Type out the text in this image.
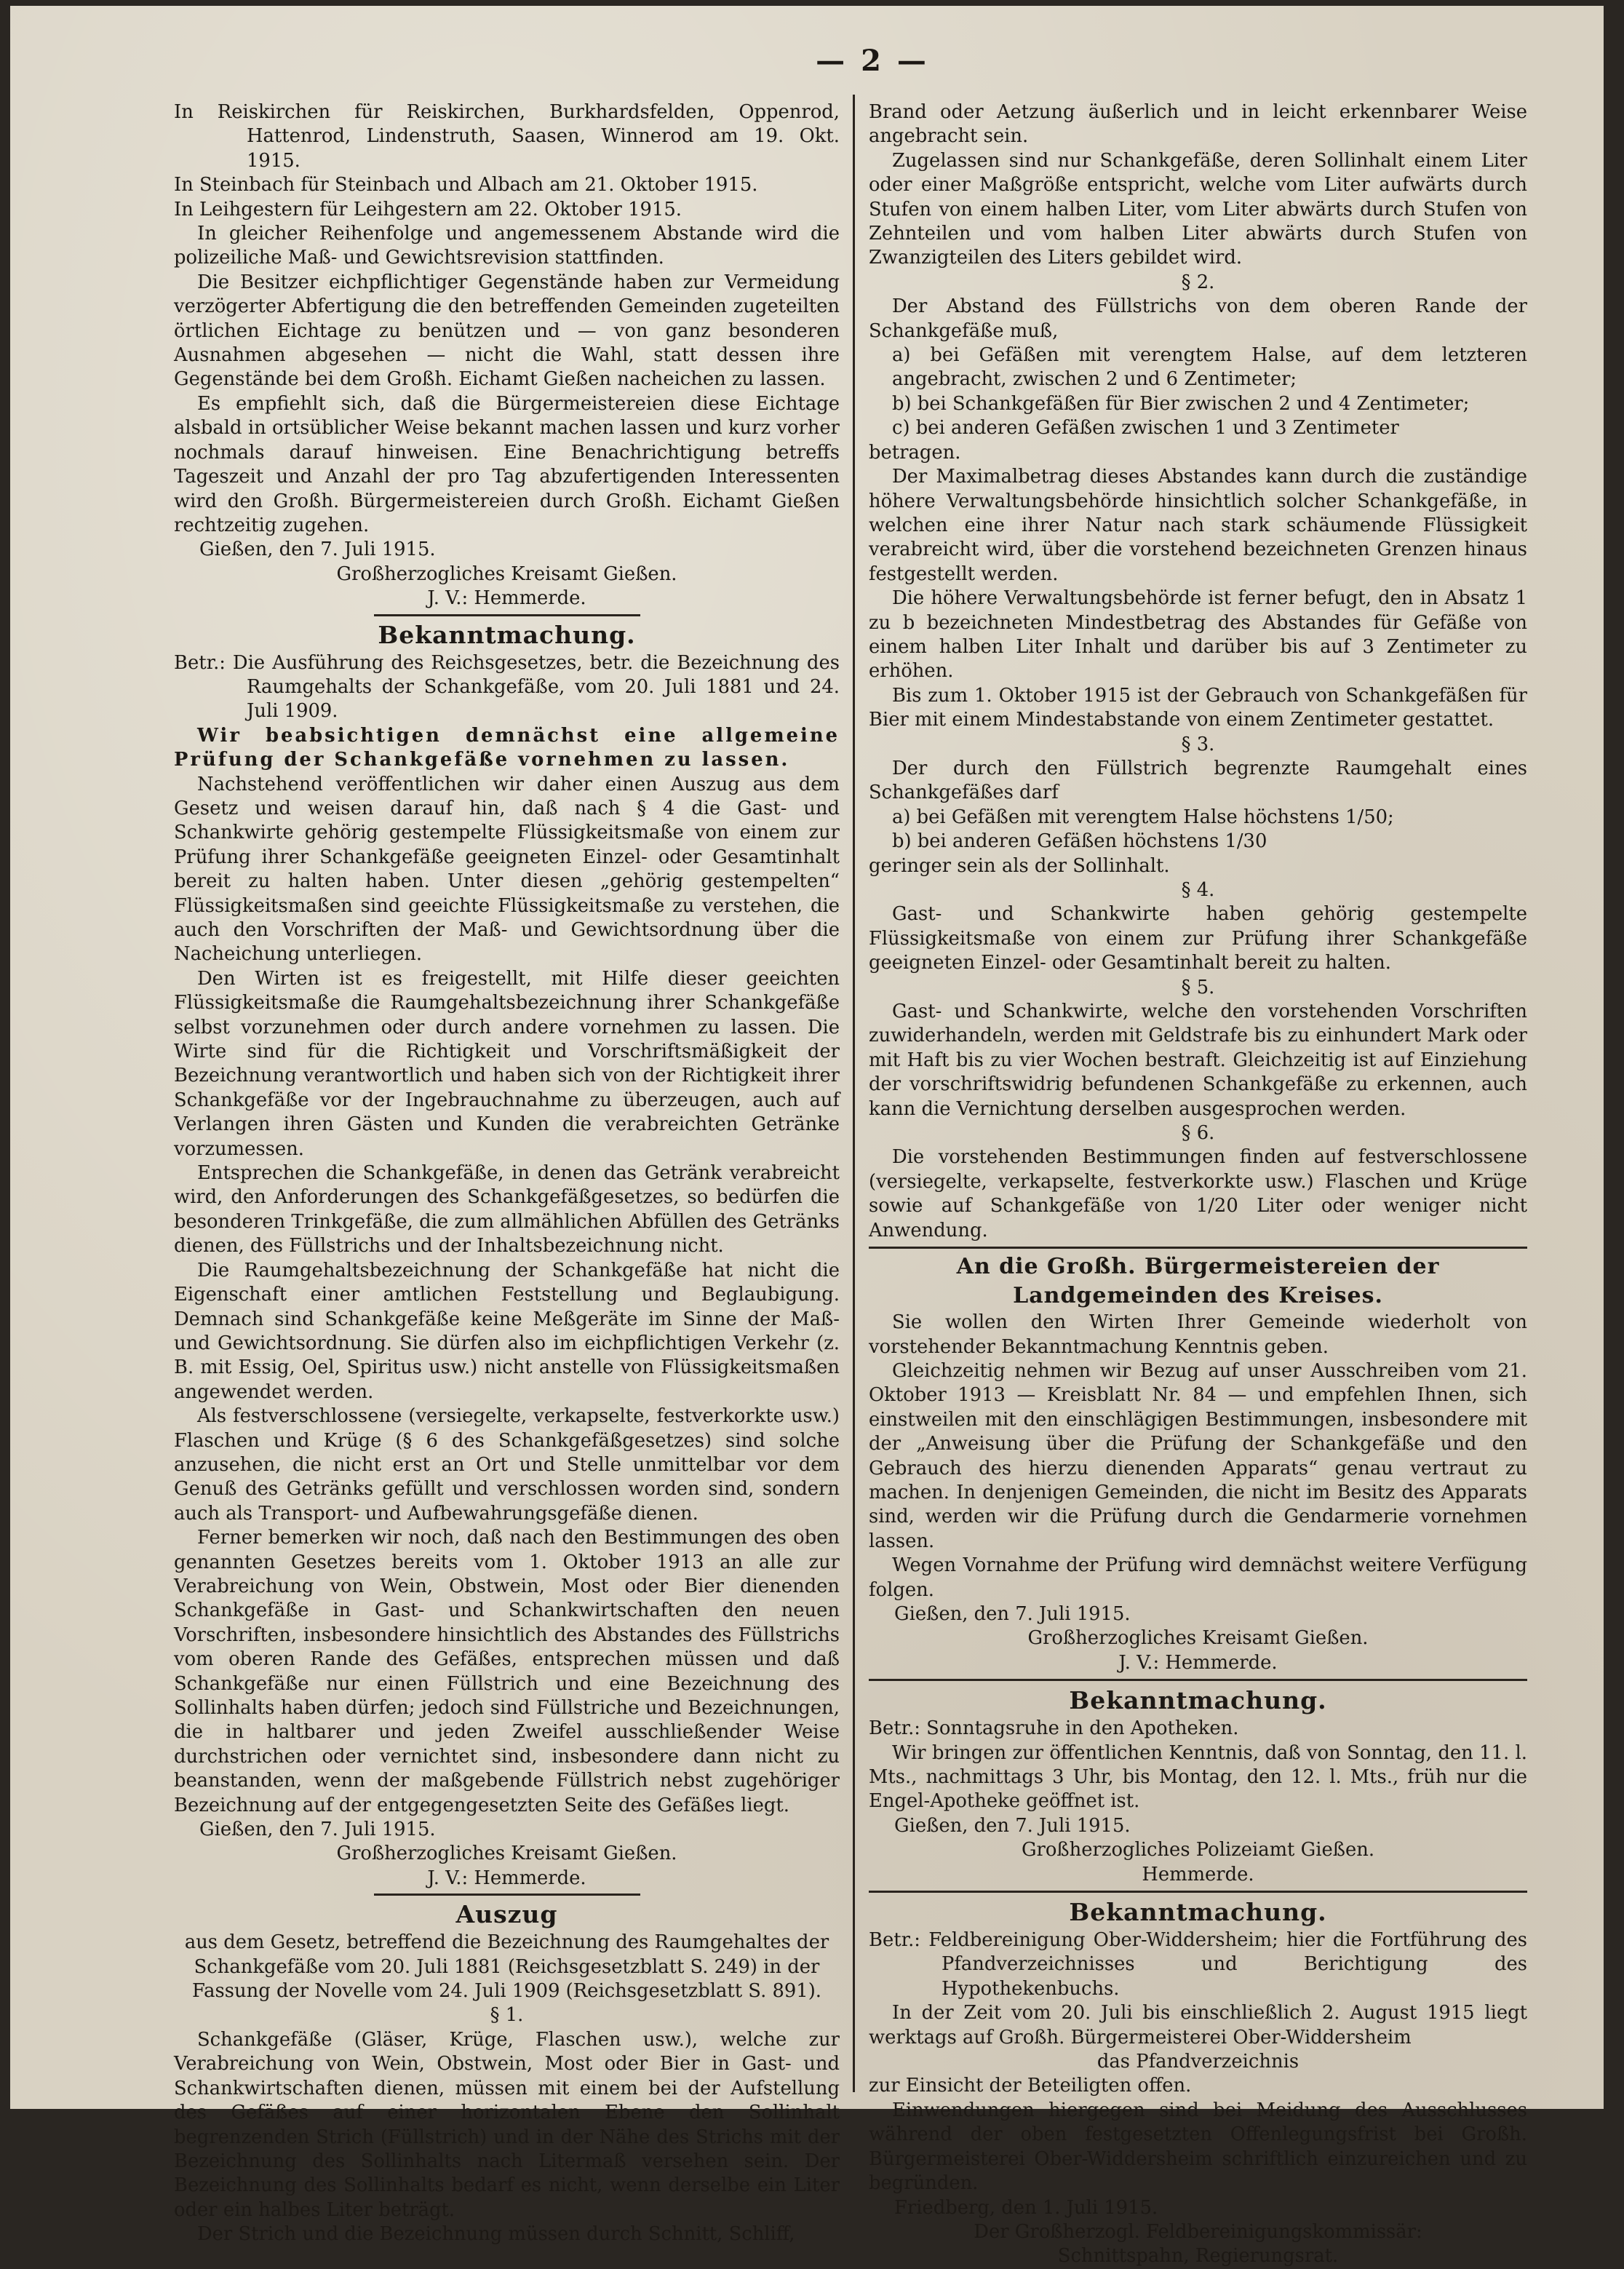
— 2 —

In Reiskirchen für Reiskirchen, Burkhardsfelden, Oppenrod, Hattenrod, Lindenstruth, Saasen, Winnerod am 19. Okt. 1915.

In Steinbach für Steinbach und Albach am 21. Oktober 1915.

In Leihgestern für Leihgestern am 22. Oktober 1915.

In gleicher Reihenfolge und angemessenem Abstande wird die polizeiliche Maß- und Gewichtsrevision stattfinden.

Die Besitzer eichpflichtiger Gegenstände haben zur Vermeidung verzögerter Abfertigung die den betreffenden Gemeinden zugeteilten örtlichen Eichtage zu benützen und — von ganz besonderen Ausnahmen abgesehen — nicht die Wahl, statt dessen ihre Gegenstände bei dem Großh. Eichamt Gießen nacheichen zu lassen.

Es empfiehlt sich, daß die Bürgermeistereien diese Eichtage alsbald in ortsüblicher Weise bekannt machen lassen und kurz vorher nochmals darauf hinweisen. Eine Benachrichtigung betreffs Tageszeit und Anzahl der pro Tag abzufertigenden Interessenten wird den Großh. Bürgermeistereien durch Großh. Eichamt Gießen rechtzeitig zugehen.

Gießen, den 7. Juli 1915.

Großherzogliches Kreisamt Gießen.

J. V.: Hemmerde.

Bekanntmachung.

Betr.: Die Ausführung des Reichsgesetzes, betr. die Bezeichnung des Raumgehalts der Schankgefäße, vom 20. Juli 1881 und 24. Juli 1909.

Wir beabsichtigen demnächst eine allgemeine Prüfung der Schankgefäße vornehmen zu lassen.

Nachstehend veröffentlichen wir daher einen Auszug aus dem Gesetz und weisen darauf hin, daß nach § 4 die Gast- und Schankwirte gehörig gestempelte Flüssigkeitsmaße von einem zur Prüfung ihrer Schankgefäße geeigneten Einzel- oder Gesamtinhalt bereit zu halten haben. Unter diesen „gehörig gestempelten“ Flüssigkeitsmaßen sind geeichte Flüssigkeitsmaße zu verstehen, die auch den Vorschriften der Maß- und Gewichtsordnung über die Nacheichung unterliegen.

Den Wirten ist es freigestellt, mit Hilfe dieser geeichten Flüssigkeitsmaße die Raumgehaltsbezeichnung ihrer Schankgefäße selbst vorzunehmen oder durch andere vornehmen zu lassen. Die Wirte sind für die Richtigkeit und Vorschriftsmäßigkeit der Bezeichnung verantwortlich und haben sich von der Richtigkeit ihrer Schankgefäße vor der Ingebrauchnahme zu überzeugen, auch auf Verlangen ihren Gästen und Kunden die verabreichten Getränke vorzumessen.

Entsprechen die Schankgefäße, in denen das Getränk verabreicht wird, den Anforderungen des Schankgefäßgesetzes, so bedürfen die besonderen Trinkgefäße, die zum allmählichen Abfüllen des Getränks dienen, des Füllstrichs und der Inhaltsbezeichnung nicht.

Die Raumgehaltsbezeichnung der Schankgefäße hat nicht die Eigenschaft einer amtlichen Feststellung und Beglaubigung. Demnach sind Schankgefäße keine Meßgeräte im Sinne der Maß- und Gewichtsordnung. Sie dürfen also im eichpflichtigen Verkehr (z. B. mit Essig, Oel, Spiritus usw.) nicht anstelle von Flüssigkeitsmaßen angewendet werden.

Als festverschlossene (versiegelte, verkapselte, festverkorkte usw.) Flaschen und Krüge (§ 6 des Schankgefäßgesetzes) sind solche anzusehen, die nicht erst an Ort und Stelle unmittelbar vor dem Genuß des Getränks gefüllt und verschlossen worden sind, sondern auch als Transport- und Aufbewahrungsgefäße dienen.

Ferner bemerken wir noch, daß nach den Bestimmungen des oben genannten Gesetzes bereits vom 1. Oktober 1913 an alle zur Verabreichung von Wein, Obstwein, Most oder Bier dienenden Schankgefäße in Gast- und Schankwirtschaften den neuen Vorschriften, insbesondere hinsichtlich des Abstandes des Füllstrichs vom oberen Rande des Gefäßes, entsprechen müssen und daß Schankgefäße nur einen Füllstrich und eine Bezeichnung des Sollinhalts haben dürfen; jedoch sind Füllstriche und Bezeichnungen, die in haltbarer und jeden Zweifel ausschließender Weise durchstrichen oder vernichtet sind, insbesondere dann nicht zu beanstanden, wenn der maßgebende Füllstrich nebst zugehöriger Bezeichnung auf der entgegengesetzten Seite des Gefäßes liegt.

Gießen, den 7. Juli 1915.

Großherzogliches Kreisamt Gießen.

J. V.: Hemmerde.

Auszug

aus dem Gesetz, betreffend die Bezeichnung des Raumgehaltes der Schankgefäße vom 20. Juli 1881 (Reichsgesetzblatt S. 249) in der Fassung der Novelle vom 24. Juli 1909 (Reichsgesetzblatt S. 891).

§ 1.

Schankgefäße (Gläser, Krüge, Flaschen usw.), welche zur Verabreichung von Wein, Obstwein, Most oder Bier in Gast- und Schankwirtschaften dienen, müssen mit einem bei der Aufstellung des Gefäßes auf einer horizontalen Ebene den Sollinhalt begrenzenden Strich (Füllstrich) und in der Nähe des Strichs mit der Bezeichnung des Sollinhalts nach Litermaß versehen sein. Der Bezeichnung des Sollinhalts bedarf es nicht, wenn derselbe ein Liter oder ein halbes Liter beträgt.

Der Strich und die Bezeichnung müssen durch Schnitt, Schliff,

Brand oder Aetzung äußerlich und in leicht erkennbarer Weise angebracht sein.

Zugelassen sind nur Schankgefäße, deren Sollinhalt einem Liter oder einer Maßgröße entspricht, welche vom Liter aufwärts durch Stufen von einem halben Liter, vom Liter abwärts durch Stufen von Zehnteilen und vom halben Liter abwärts durch Stufen von Zwanzigteilen des Liters gebildet wird.

§ 2.

Der Abstand des Füllstrichs von dem oberen Rande der Schankgefäße muß,

a) bei Gefäßen mit verengtem Halse, auf dem letzteren angebracht, zwischen 2 und 6 Zentimeter;

b) bei Schankgefäßen für Bier zwischen 2 und 4 Zentimeter;

c) bei anderen Gefäßen zwischen 1 und 3 Zentimeter

betragen.

Der Maximalbetrag dieses Abstandes kann durch die zuständige höhere Verwaltungsbehörde hinsichtlich solcher Schankgefäße, in welchen eine ihrer Natur nach stark schäumende Flüssigkeit verabreicht wird, über die vorstehend bezeichneten Grenzen hinaus festgestellt werden.

Die höhere Verwaltungsbehörde ist ferner befugt, den in Absatz 1 zu b bezeichneten Mindestbetrag des Abstandes für Gefäße von einem halben Liter Inhalt und darüber bis auf 3 Zentimeter zu erhöhen.

Bis zum 1. Oktober 1915 ist der Gebrauch von Schankgefäßen für Bier mit einem Mindestabstande von einem Zentimeter gestattet.

§ 3.

Der durch den Füllstrich begrenzte Raumgehalt eines Schankgefäßes darf

a) bei Gefäßen mit verengtem Halse höchstens 1/50;

b) bei anderen Gefäßen höchstens 1/30

geringer sein als der Sollinhalt.

§ 4.

Gast- und Schankwirte haben gehörig gestempelte Flüssigkeitsmaße von einem zur Prüfung ihrer Schankgefäße geeigneten Einzel- oder Gesamtinhalt bereit zu halten.

§ 5.

Gast- und Schankwirte, welche den vorstehenden Vorschriften zuwiderhandeln, werden mit Geldstrafe bis zu einhundert Mark oder mit Haft bis zu vier Wochen bestraft. Gleichzeitig ist auf Einziehung der vorschriftswidrig befundenen Schankgefäße zu erkennen, auch kann die Vernichtung derselben ausgesprochen werden.

§ 6.

Die vorstehenden Bestimmungen finden auf festverschlossene (versiegelte, verkapselte, festverkorkte usw.) Flaschen und Krüge sowie auf Schankgefäße von 1/20 Liter oder weniger nicht Anwendung.

An die Großh. Bürgermeistereien der Landgemeinden des Kreises.

Sie wollen den Wirten Ihrer Gemeinde wiederholt von vorstehender Bekanntmachung Kenntnis geben.

Gleichzeitig nehmen wir Bezug auf unser Ausschreiben vom 21. Oktober 1913 — Kreisblatt Nr. 84 — und empfehlen Ihnen, sich einstweilen mit den einschlägigen Bestimmungen, insbesondere mit der „Anweisung über die Prüfung der Schankgefäße und den Gebrauch des hierzu dienenden Apparats“ genau vertraut zu machen. In denjenigen Gemeinden, die nicht im Besitz des Apparats sind, werden wir die Prüfung durch die Gendarmerie vornehmen lassen.

Wegen Vornahme der Prüfung wird demnächst weitere Verfügung folgen.

Gießen, den 7. Juli 1915.

Großherzogliches Kreisamt Gießen.

J. V.: Hemmerde.

Bekanntmachung.

Betr.: Sonntagsruhe in den Apotheken.

Wir bringen zur öffentlichen Kenntnis, daß von Sonntag, den 11. l. Mts., nachmittags 3 Uhr, bis Montag, den 12. l. Mts., früh nur die Engel-Apotheke geöffnet ist.

Gießen, den 7. Juli 1915.

Großherzogliches Polizeiamt Gießen.

Hemmerde.

Bekanntmachung.

Betr.: Feldbereinigung Ober-Widdersheim; hier die Fortführung des Pfandverzeichnisses und Berichtigung des Hypothekenbuchs.

In der Zeit vom 20. Juli bis einschließlich 2. August 1915 liegt werktags auf Großh. Bürgermeisterei Ober-Widdersheim

das Pfandverzeichnis

zur Einsicht der Beteiligten offen.

Einwendungen hiergegen sind bei Meidung des Ausschlusses während der oben festgesetzten Offenlegungsfrist bei Großh. Bürgermeisterei Ober-Widdersheim schriftlich einzureichen und zu begründen.

Friedberg, den 1. Juli 1915.

Der Großherzogl. Feldbereinigungskommissär:

Schnittspahn, Regierungsrat.
